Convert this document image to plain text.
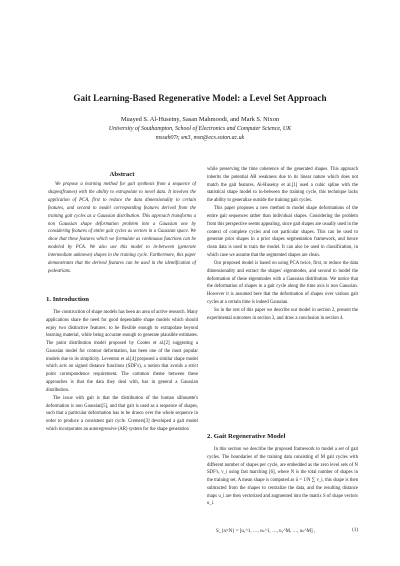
Gait Learning-Based Regenerative Model: a Level Set Approach
Muayed S. Al-Huseiny, Sasan Mahmoodi, and Mark S. Nixon
University of Southampton, School of Electronics and Computer Science, UK
mssah07r, sm3, msn@ecs.soton.ac.uk
Abstract
We propose a learning method for gait synthesis from a sequence of shapes(frames) with the ability to extrapolate to novel data. It involves the application of PCA, first to reduce the data dimensionality to certain features, and second to model corresponding features derived from the training gait cycles as a Gaussian distribution. This approach transforms a non Gaussian shape deformation problem into a Gaussian one by considering features of entire gait cycles as vectors in a Gaussian space. We show that these features which we formulate as continuous functions can be modeled by PCA. We also use this model to in-between (generate intermediate unknown) shapes in the training cycle. Furthermore, this paper demonstrates that the derived features can be used in the identification of pedestrians.
1. Introduction

The construction of shape models has been an area of active research. Many applications share the need for good dependable shape models which should enjoy two distinctive features: to be flexible enough to extrapolate beyond learning material, while being accurate enough to generate plausible estimates. The point distribution model proposed by Cootes et al.[2] suggesting a Gaussian model for contour deformation, has been one of the most popular models due to its simplicity. Leventon et al.[4] proposed a similar shape model which acts on signed distance functions (SDF's), a notion that avoids a strict point correspondence requirement. The common theme between these approaches is that the data they deal with, has in general a Gaussian distribution.

The issue with gait is that the distribution of the human silhouette's deformation is non Gaussian[5], and that gait is used as a sequence of shapes, such that a particular deformation has to be drawn over the whole sequence in order to produce a consistent gait cycle. Cremers[3] developed a gait model which incorporates an autoregressive (AR) system for the shape generation

while preserving the time coherence of the generated shapes. This approach inherits the potential AR weakness due to its linear nature which does not match the gait features. Al-Huseiny et al.[1] used a cubic spline with the statistical shape model to in-between the training cycle, this technique lacks the ability to generalize outside the training gait cycles.

This paper proposes a new method to model shape deformations of the entire gait sequences rather than individual shapes. Considering the problem from this perspective seems appealing, since gait shapes are usually used in the context of complete cycles and not particular shapes. This can be used to generate prior shapes in a prior shapes segmentation framework, and hence clean data is used to train the model. It can also be used in classification, in which case we assume that the segmented shapes are clean.

Our proposed model is based on using PCA twice, first, to reduce the data dimensionality and extract the shapes' eigenmodes, and second to model the deformation of these eigenmodes with a Gaussian distribution. We notice that the deformation of shapes in a gait cycle along the time axis is non Gaussian. However it is assumed here that the deformation of shapes over various gait cycles at a certain time is indeed Gaussian.

So in the rest of this paper we describe our model in section 2, present the experimental outcomes in section 3, and draw a conclusion in section 4.

2. Gait Regenerative Model

In this section we describe the proposed framework to model a set of gait cycles. The boundaries of the training data consisting of M gait cycles with different number of shapes per cycle, are embedded as the zero level sets of N SDF's, v_i using fast marching [6], where N is the total number of shapes in the training set. A mean shape is computed as ū = 1/N ∑ v_i, this shape is then subtracted from the shapes to centralize the data, and the resulting distance maps u_i are then vectorized and augmented into the matrix S of shape vectors u_i.

S_{n×N} = [u₁^1, …, uₙ^1, …, u₁^M, …, uₙ^M] ,	(1)
